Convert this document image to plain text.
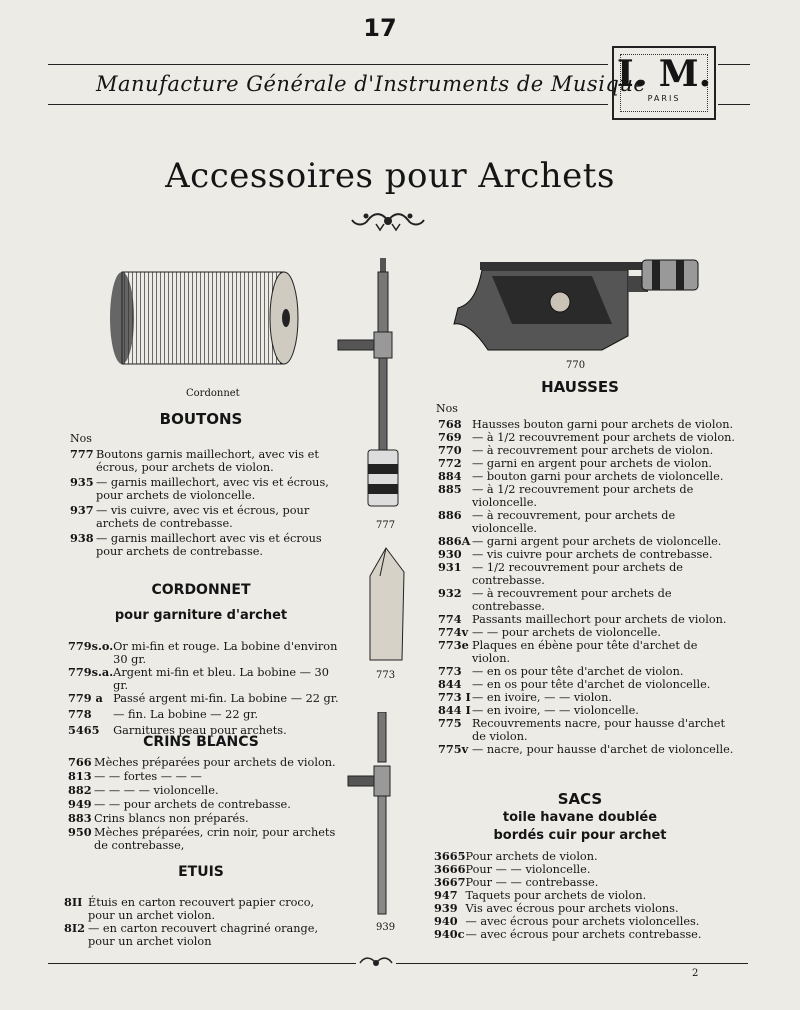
17
Manufacture Générale d'Instruments de Musique
I. M.
PARIS
Accessoires pour Archets
Cordonnet
777
773
939
770
BOUTONS
Nos
777	Boutons garnis maillechort, avec vis et écrous, pour archets de violon.
935	— garnis maillechort, avec vis et écrous, pour archets de violoncelle.
937	— vis cuivre, avec vis et écrous, pour archets de contrebasse.
938	— garnis maillechort avec vis et écrous pour archets de contrebasse.
CORDONNET
pour garniture d'archet
779s.o.	Or mi-fin et rouge. La bobine d'environ 30 gr.
779s.a.	Argent mi-fin et bleu. La bobine — 30 gr.
779 a	Passé argent mi-fin. La bobine — 22 gr.
778	— fin. La bobine — 22 gr.
5465	Garnitures peau pour archets.
CRINS BLANCS
766	Mèches préparées pour archets de violon.
813	— — fortes — — —
882	— — — — violoncelle.
949	— — pour archets de contrebasse.
883	Crins blancs non préparés.
950	Mèches préparées, crin noir, pour archets de contrebasse,
ETUIS
8II	Étuis en carton recouvert papier croco, pour un archet violon.
8I2	— en carton recouvert chagriné orange, pour un archet violon
HAUSSES
Nos
768	Hausses bouton garni pour archets de violon.
769	— à 1/2 recouvrement pour archets de violon.
770	— à recouvrement pour archets de violon.
772	— garni en argent pour archets de violon.
884	— bouton garni pour archets de violoncelle.
885	— à 1/2 recouvrement pour archets de violoncelle.
886	— à recouvrement, pour archets de violoncelle.
886A	— garni argent pour archets de violoncelle.
930	— vis cuivre pour archets de contrebasse.
931	— 1/2 recouvrement pour archets de contrebasse.
932	— à recouvrement pour archets de contrebasse.
774	Passants maillechort pour archets de violon.
774v	— — pour archets de violoncelle.
773e	Plaques en ébène pour tête d'archet de violon.
773	— en os pour tête d'archet de violon.
844	— en os pour tête d'archet de violoncelle.
773 I	— en ivoire, — — violon.
844 I	— en ivoire, — — violoncelle.
775	Recouvrements nacre, pour hausse d'archet de violon.
775v	— nacre, pour hausse d'archet de violoncelle.
SACS
toile havane doublée
bordés cuir pour archet
3665	Pour archets de violon.
3666	Pour — — violoncelle.
3667	Pour — — contrebasse.
947	Taquets pour archets de violon.
939	Vis avec écrous pour archets violons.
940	— avec écrous pour archets violoncelles.
940c	— avec écrous pour archets contrebasse.
2
